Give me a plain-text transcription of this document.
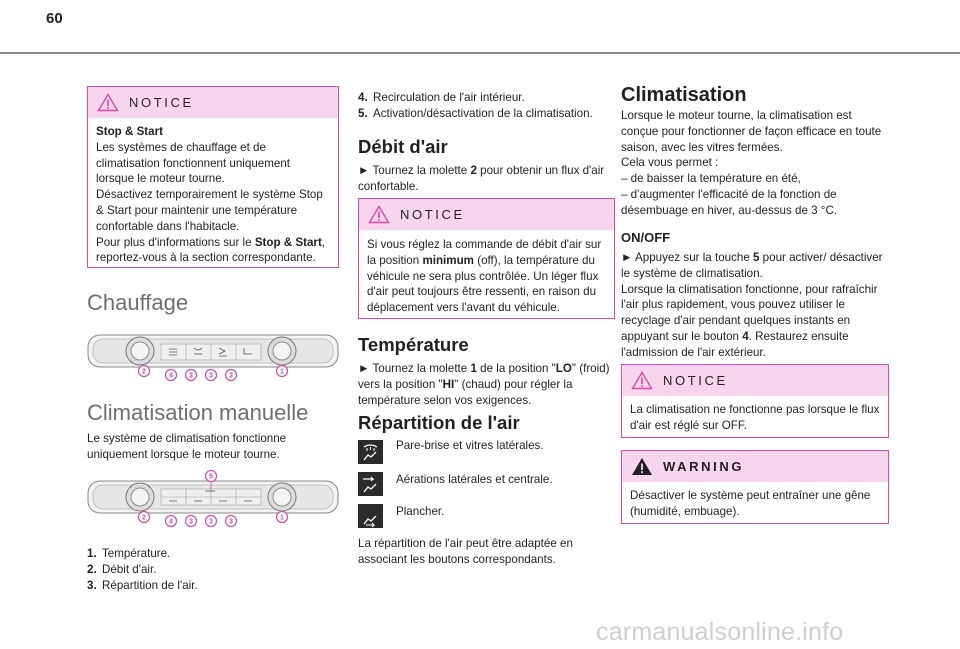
60
NOTICE

Stop & Start

Les systèmes de chauffage et de climatisation fonctionnent uniquement lorsque le moteur tourne.

Désactivez temporairement le système Stop & Start pour maintenir une température confortable dans l'habitacle.

Pour plus d'informations sur le Stop & Start, reportez-vous à la section correspondante.

Chauffage
2
4 3 3 3
1
Climatisation manuelle

Le système de climatisation fonctionne uniquement lorsque le moteur tourne.

5
2
4 3 3 3
1
1. Température.
2. Débit d'air.
3. Répartition de l'air.
4. Recirculation de l'air intérieur.
5. Activation/désactivation de la climatisation.
Débit d'air

► Tournez la molette 2 pour obtenir un flux d'air confortable.

NOTICE

Si vous réglez la commande de débit d'air sur la position minimum (off), la température du véhicule ne sera plus contrôlée. Un léger flux d'air peut toujours être ressenti, en raison du déplacement vers l'avant du véhicule.

Température

► Tournez la molette 1 de la position "LO" (froid) vers la position "HI" (chaud) pour régler la température selon vos exigences.

Répartition de l'air

Pare-brise et vitres latérales.

Aérations latérales et centrale.

Plancher.

La répartition de l'air peut être adaptée en associant les boutons correspondants.

Climatisation

Lorsque le moteur tourne, la climatisation est conçue pour fonctionner de façon efficace en toute saison, avec les vitres fermées.

Cela vous permet :

– de baisser la température en été,

– d'augmenter l'efficacité de la fonction de désembuage en hiver, au-dessus de 3 °C.

ON/OFF

► Appuyez sur la touche 5 pour activer/ désactiver le système de climatisation.

Lorsque la climatisation fonctionne, pour rafraîchir l'air plus rapidement, vous pouvez utiliser le recyclage d'air pendant quelques instants en appuyant sur le bouton 4. Restaurez ensuite l'admission de l'air extérieur.

NOTICE

La climatisation ne fonctionne pas lorsque le flux d'air est réglé sur OFF.

WARNING

Désactiver le système peut entraîner une gêne (humidité, embuage).

carmanualsonline.info
